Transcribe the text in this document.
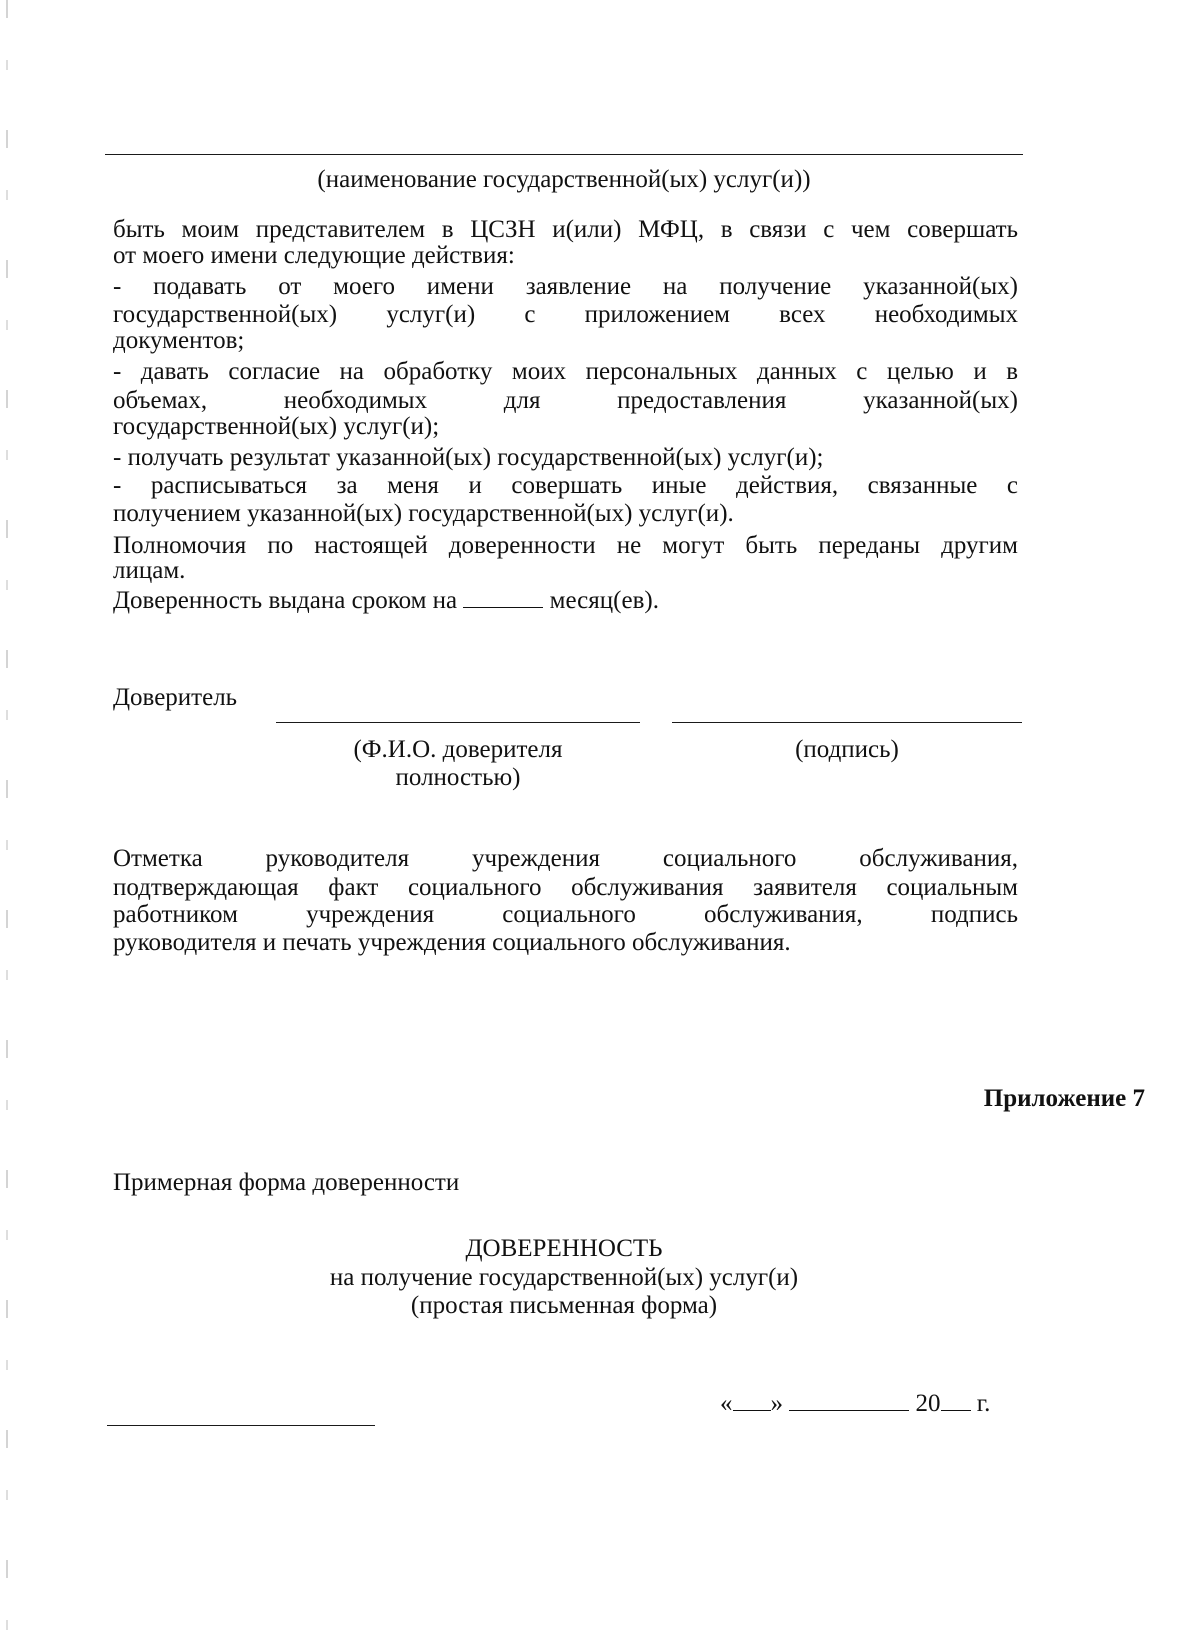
(наименование государственной(ых) услуг(и))
быть моим представителем в ЦСЗН и(или) МФЦ, в связи с чем совершать
от моего имени следующие действия:
- подавать от моего имени заявление на получение указанной(ых)
государственной(ых) услуг(и) с приложением всех необходимых
документов;
- давать согласие на обработку моих персональных данных с целью и в
объемах, необходимых для предоставления указанной(ых)
государственной(ых) услуг(и);
- получать результат указанной(ых) государственной(ых) услуг(и);
- расписываться за меня и совершать иные действия, связанные с
получением указанной(ых) государственной(ых) услуг(и).
Полномочия по настоящей доверенности не могут быть переданы другим
лицам.
Доверенность выдана сроком на	месяц(ев).
Доверитель
(Ф.И.О. доверителя
полностью)
(подпись)
Отметка руководителя учреждения социального обслуживания,
подтверждающая факт социального обслуживания заявителя социальным
работником учреждения социального обслуживания, подпись
руководителя и печать учреждения социального обслуживания.
Приложение 7
Примерная форма доверенности
ДОВЕРЕННОСТЬ
на получение государственной(ых) услуг(и)
(простая письменная форма)
« »	20 г.
